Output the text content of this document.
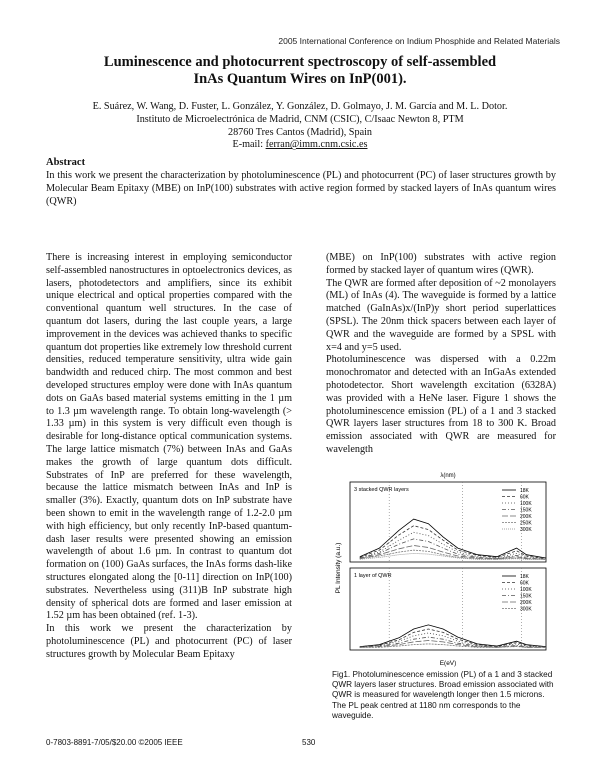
2005 International Conference on Indium Phosphide and Related Materials
Luminescence and photocurrent spectroscopy of self-assembled
InAs Quantum Wires on InP(001).
E. Suárez, W. Wang, D. Fuster, L. González, Y. González, D. Golmayo, J. M. García and M. L. Dotor.
Instituto de Microelectrónica de Madrid, CNM (CSIC), C/Isaac Newton 8, PTM
28760 Tres Cantos (Madrid), Spain
E-mail: ferran@imm.cnm.csic.es
Abstract
In this work we present the characterization by photoluminescence (PL) and photocurrent (PC) of laser structures growth by Molecular Beam Epitaxy (MBE) on InP(100) substrates with active region formed by stacked layers of InAs quantum wires (QWR)

There is increasing interest in employing semiconductor self-assembled nanostructures in optoelectronics devices, as lasers, photodetectors and amplifiers, since its exhibit unique electrical and optical properties compared with the conventional quantum well structures. In the case of quantum dot lasers, during the last couple years, a large improvement in the devices was achieved thanks to specific quantum dot properties like extremely low threshold current densities, reduced temperature sensitivity, ultra wide gain bandwidth and reduced chirp. The most common and best developed structures employ were done with InAs quantum dots on GaAs based material systems emitting in the 1 µm to 1.3 µm wavelength range. To obtain long-wavelength (> 1.33 µm) in this system is very difficult even though is desirable for long-distance optical communication systems. The large lattice mismatch (7%) between InAs and GaAs makes the growth of large quantum dots difficult. Substrates of InP are preferred for these wavelength, because the lattice mismatch between InAs and InP is smaller (3%). Exactly, quantum dots on InP substrate have been shown to emit in the wavelength range of 1.2-2.0 µm with high efficiency, but only recently InP-based quantum-dash laser results were presented showing an emission wavelength of about 1.6 µm. In contrast to quantum dot formation on (100) GaAs surfaces, the InAs forms dash-like structures elongated along the [0-11] direction on InP(100) substrates. Nevertheless using (311)B InP substrate high density of spherical dots are formed and laser emission at 1.52 µm has been obtained (ref. 1-3).

In this work we present the characterization by photoluminescence (PL) and photocurrent (PC) of laser structures growth by Molecular Beam Epitaxy

(MBE) on InP(100) substrates with active region formed by stacked layer of quantum wires (QWR).

The QWR are formed after deposition of ~2 monolayers (ML) of InAs (4). The waveguide is formed by a lattice matched (GaInAs)x/(InP)y short period superlattices (SPSL). The 20nm thick spacers between each layer of QWR and the waveguide are formed by a SPSL with x=4 and y=5 used.

Photoluminescence was dispersed with a 0.22m monochromator and detected with an InGaAs extended photodetector. Short wavelength excitation (6328A) was provided with a HeNe laser. Figure 1 shows the photoluminescence emission (PL) of a 1 and 3 stacked QWR layers laser structures from 18 to 300 K. Broad emission associated with QWR are measured for wavelength

λ(nm)
PL Intensity (a.u.)
E(eV)
3 stacked QWR layers	18K
60K
100K
150K
200K
250K
300K
1 layer of QWR	18K
60K
100K
150K
200K
300K
Fig1. Photoluminescence emission (PL) of a 1 and 3 stacked QWR layers laser structures. Broad emission associated with QWR is measured for wavelength longer then 1.5 microns. The PL peak centred at 1180 nm corresponds to the waveguide.
0-7803-8891-7/05/$20.00 ©2005 IEEE	530
